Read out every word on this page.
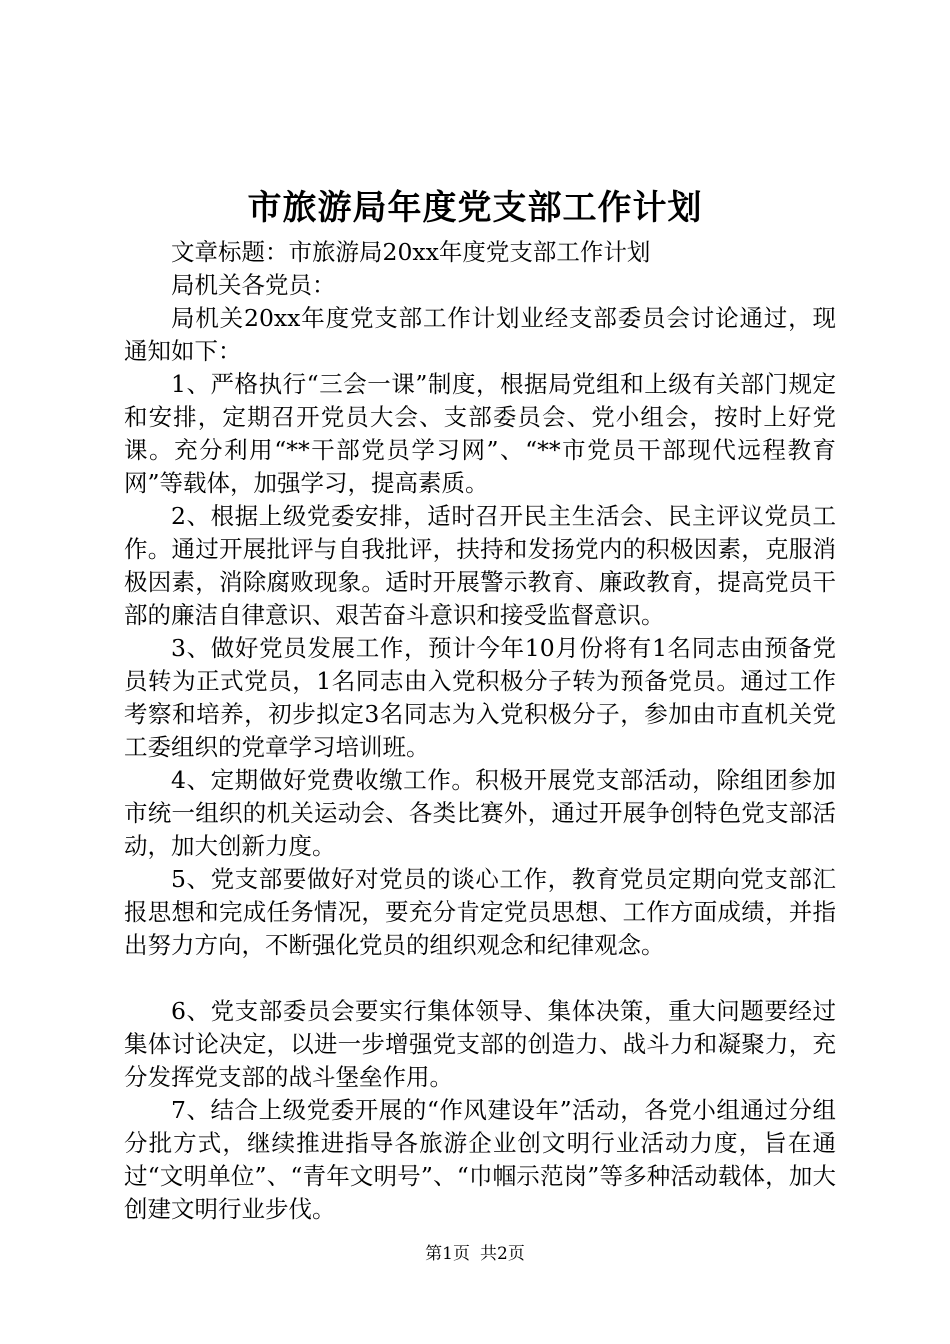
市旅游局年度党支部工作计划

文章标题：市旅游局20xx年度党支部工作计划

局机关各党员：

局机关20xx年度党支部工作计划业经支部委员会讨论通过，现通知如下：

1、严格执行“三会一课”制度，根据局党组和上级有关部门规定和安排，定期召开党员大会、支部委员会、党小组会，按时上好党课。充分利用“**干部党员学习网”、“**市党员干部现代远程教育网”等载体，加强学习，提高素质。

2、根据上级党委安排，适时召开民主生活会、民主评议党员工作。通过开展批评与自我批评，扶持和发扬党内的积极因素，克服消极因素，消除腐败现象。适时开展警示教育、廉政教育，提高党员干部的廉洁自律意识、艰苦奋斗意识和接受监督意识。

3、做好党员发展工作，预计今年10月份将有1名同志由预备党员转为正式党员，1名同志由入党积极分子转为预备党员。通过工作考察和培养，初步拟定3名同志为入党积极分子，参加由市直机关党工委组织的党章学习培训班。

4、定期做好党费收缴工作。积极开展党支部活动，除组团参加市统一组织的机关运动会、各类比赛外，通过开展争创特色党支部活动，加大创新力度。

5、党支部要做好对党员的谈心工作，教育党员定期向党支部汇报思想和完成任务情况，要充分肯定党员思想、工作方面成绩，并指出努力方向，不断强化党员的组织观念和纪律观念。

6、党支部委员会要实行集体领导、集体决策，重大问题要经过集体讨论决定，以进一步增强党支部的创造力、战斗力和凝聚力，充分发挥党支部的战斗堡垒作用。

7、结合上级党委开展的“作风建设年”活动，各党小组通过分组分批方式，继续推进指导各旅游企业创文明行业活动力度，旨在通过“文明单位”、“青年文明号”、“巾帼示范岗”等多种活动载体，加大创建文明行业步伐。

第1页 共2页
